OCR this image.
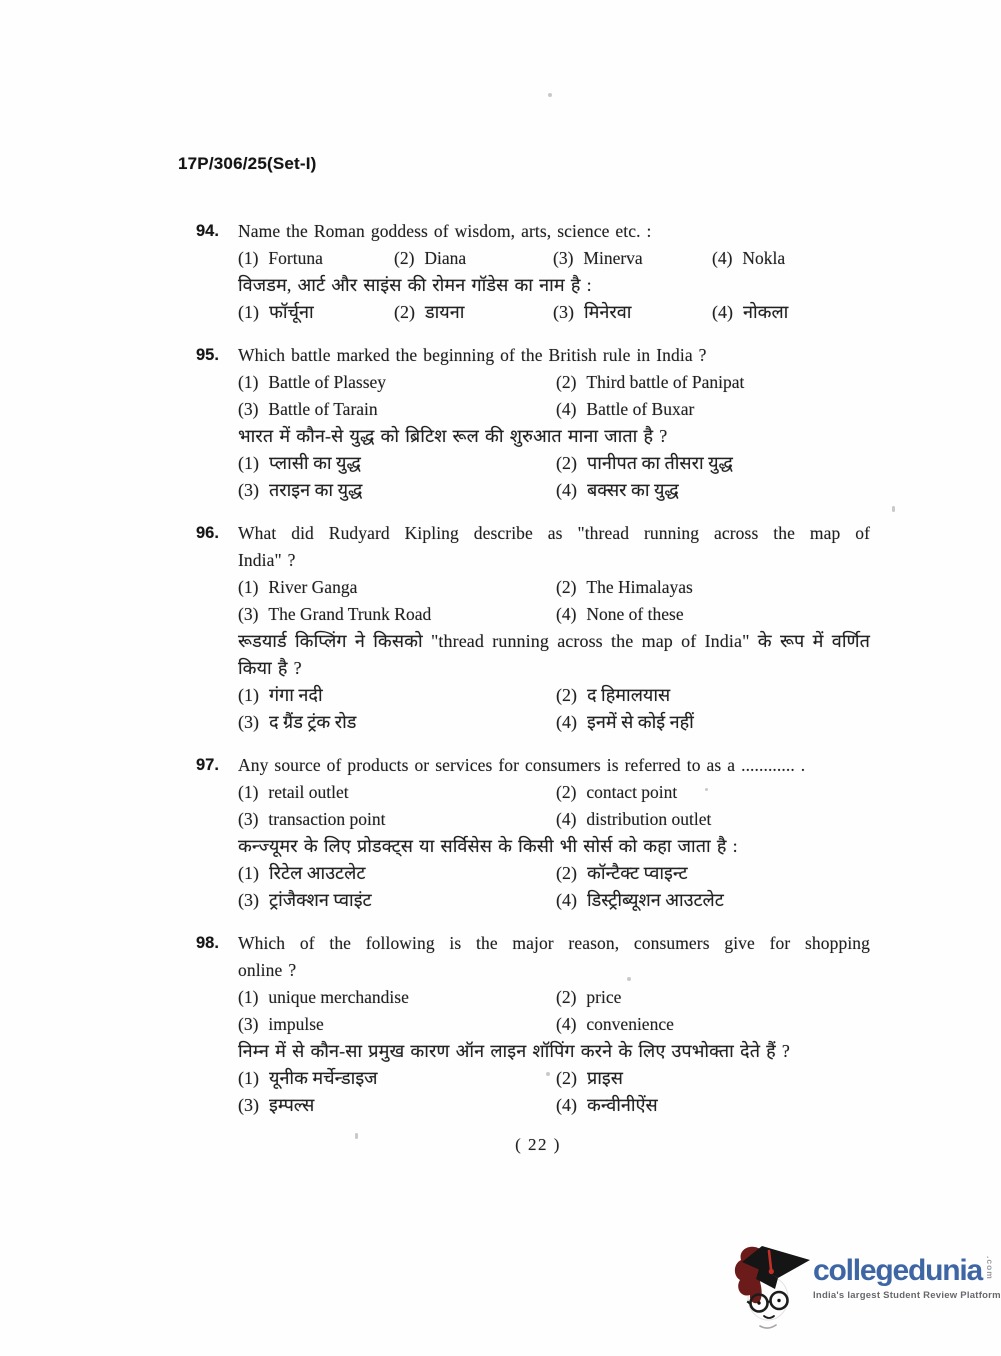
17P/306/25(Set-I)
94. Name the Roman goddess of wisdom, arts, science etc. :
(1) Fortuna	(2) Diana	(3) Minerva	(4) Nokla
विजडम, आर्ट और साइंस की रोमन गॉडेस का नाम है :
(1) फॉर्चूना	(2) डायना	(3) मिनेरवा	(4) नोकला
95. Which battle marked the beginning of the British rule in India ?
(1) Battle of Plassey	(2) Third battle of Panipat
(3) Battle of Tarain	(4) Battle of Buxar
भारत में कौन-से युद्ध को ब्रिटिश रूल की शुरुआत माना जाता है ?
(1) प्लासी का युद्ध	(2) पानीपत का तीसरा युद्ध
(3) तराइन का युद्ध	(4) बक्सर का युद्ध
96. What did Rudyard Kipling describe as "thread running across the map of
India" ?
(1) River Ganga	(2) The Himalayas
(3) The Grand Trunk Road	(4) None of these
रूडयार्ड किप्लिंग ने किसको "thread running across the map of India" के रूप में वर्णित
किया है ?
(1) गंगा नदी	(2) द हिमालयास
(3) द ग्रैंड ट्रंक रोड	(4) इनमें से कोई नहीं
97. Any source of products or services for consumers is referred to as a ............ .
(1) retail outlet	(2) contact point
(3) transaction point	(4) distribution outlet
कन्ज्यूमर के लिए प्रोडक्ट्स या सर्विसेस के किसी भी सोर्स को कहा जाता है :
(1) रिटेल आउटलेट	(2) कॉन्टैक्ट प्वाइन्ट
(3) ट्रांजैक्शन प्वाइंट	(4) डिस्ट्रीब्यूशन आउटलेट
98. Which of the following is the major reason, consumers give for shopping
online ?
(1) unique merchandise	(2) price
(3) impulse	(4) convenience
निम्न में से कौन-सा प्रमुख कारण ऑन लाइन शॉपिंग करने के लिए उपभोक्ता देते हैं ?
(1) यूनीक मर्चेन्डाइज	(2) प्राइस
(3) इम्पल्स	(4) कन्वीनीऐंस
( 22 )
collegedunia .com
India's largest Student Review Platform
